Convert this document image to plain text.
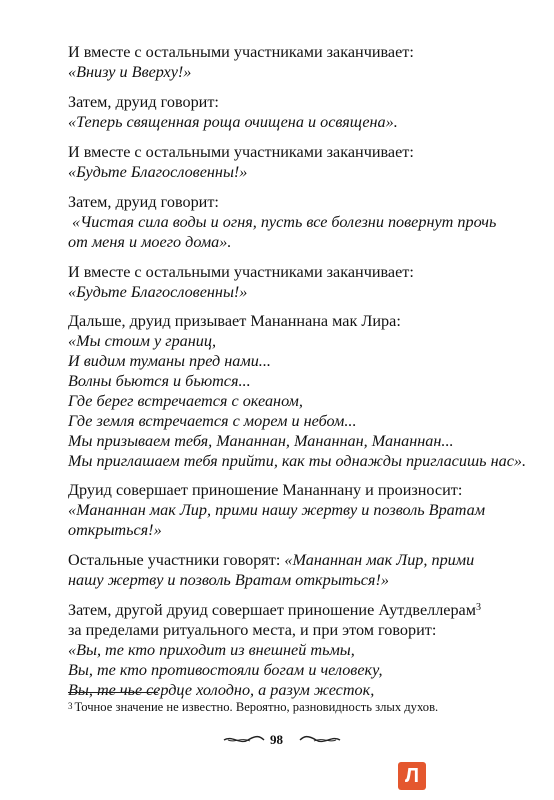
И вместе с остальными участниками заканчивает:
«Внизу и Вверху!»
Затем, друид говорит:
«Теперь священная роща очищена и освящена».
И вместе с остальными участниками заканчивает:
«Будьте Благословенны!»
Затем, друид говорит:
«Чистая сила воды и огня, пусть все болезни повернут прочь
от меня и моего дома».
И вместе с остальными участниками заканчивает:
«Будьте Благословенны!»
Дальше, друид призывает Мананнана мак Лира:
«Мы стоим у границ,
И видим туманы пред нами...
Волны бьются и бьются...
Где берег встречается с океаном,
Где земля встречается с морем и небом...
Мы призываем тебя, Мананнан, Мананнан, Мананнан...
Мы приглашаем тебя прийти, как ты однажды пригласишь нас».
Друид совершает приношение Мананнану и произносит:
«Мананнан мак Лир, прими нашу жертву и позволь Вратам
открыться!»
Остальные участники говорят: «Мананнан мак Лир, прими
нашу жертву и позволь Вратам открыться!»
Затем, другой друид совершает приношение Аутдвеллерам$^3$
за пределами ритуального места, и при этом говорит:
«Вы, те кто приходит из внешней тьмы,
Вы, те кто противостояли богам и человеку,
Вы, те чье сердце холодно, а разум жесток,
$^3$ Точное значение не известно. Вероятно, разновидность злых духов.
98
Л
